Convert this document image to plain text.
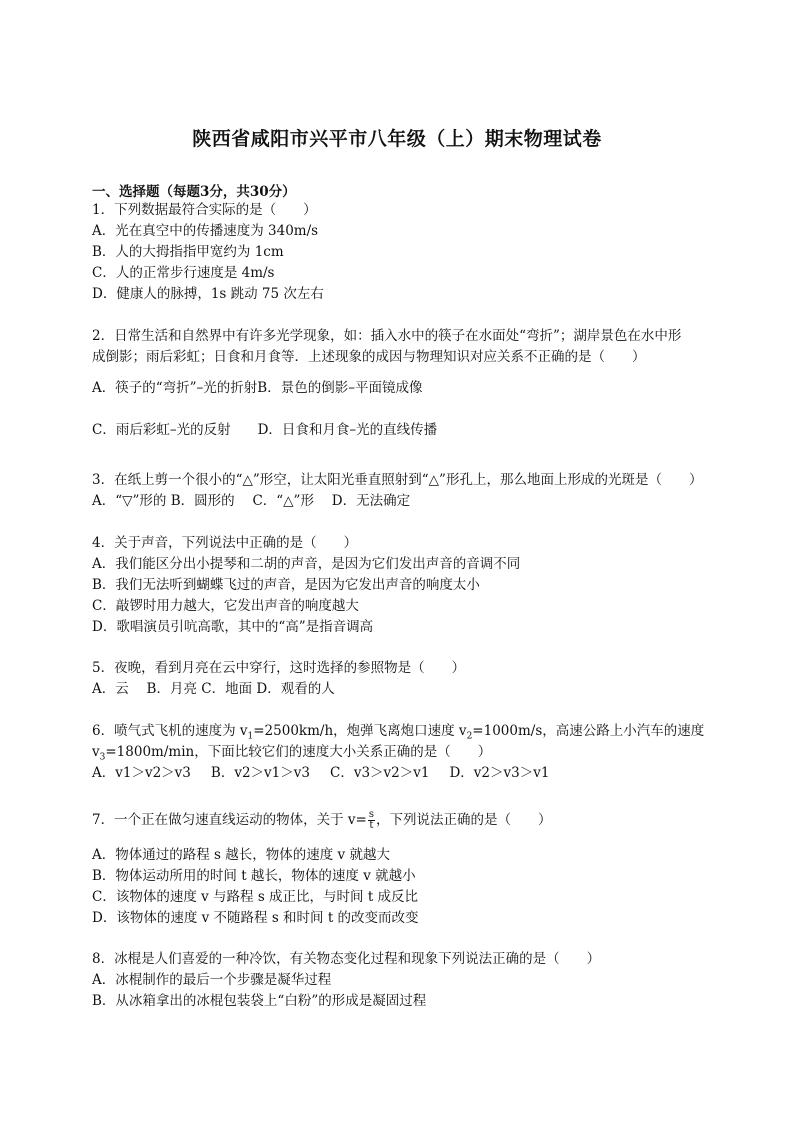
陕西省咸阳市兴平市八年级（上）期末物理试卷
一、选择题（每题3分，共30分）
1．下列数据最符合实际的是（　　）
A．光在真空中的传播速度为 340m/s
B．人的大拇指指甲宽约为 1cm
C．人的正常步行速度是 4m/s
D．健康人的脉搏，1s 跳动 75 次左右
2．日常生活和自然界中有许多光学现象，如：插入水中的筷子在水面处“弯折”；湖岸景色在水中形
成倒影；雨后彩虹；日食和月食等．上述现象的成因与物理知识对应关系不正确的是（　　）
A．筷子的“弯折”–光的折射B．景色的倒影–平面镜成像
C．雨后彩虹–光的反射　　D．日食和月食–光的直线传播
3．在纸上剪一个很小的“△”形空，让太阳光垂直照射到“△”形孔上，那么地面上形成的光斑是（　　）
A．“▽”形的 B．圆形的　 C．“△”形　 D．无法确定
4．关于声音，下列说法中正确的是（　　）
A．我们能区分出小提琴和二胡的声音，是因为它们发出声音的音调不同
B．我们无法听到蝴蝶飞过的声音，是因为它发出声音的响度太小
C．敲锣时用力越大，它发出声音的响度越大
D．歌唱演员引吭高歌，其中的“高”是指音调高
5．夜晚，看到月亮在云中穿行，这时选择的参照物是（　　）
A．云　 B．月亮 C．地面 D．观看的人
6．喷气式飞机的速度为 $v_1=2500km/h$，炮弹飞离炮口速度 $v_2=1000m/s$，高速公路上小汽车的速度
$v_3=1800m/\min$，下面比较它们的速度大小关系正确的是（　　）
A．v1＞v2＞v3 B．v2＞v1＞v3 C．v3＞v2＞v1 D．v2＞v3＞v1
7．一个正在做匀速直线运动的物体，关于 $v= \frac{s}{t}$ ，下列说法正确的是（　　）
A．物体通过的路程 s 越长，物体的速度 v 就越大
B．物体运动所用的时间 t 越长，物体的速度 v 就越小
C．该物体的速度 v 与路程 s 成正比，与时间 t 成反比
D．该物体的速度 v 不随路程 s 和时间 t 的改变而改变
8．冰棍是人们喜爱的一种冷饮，有关物态变化过程和现象下列说法正确的是（　　）
A．冰棍制作的最后一个步骤是凝华过程
B．从冰箱拿出的冰棍包装袋上“白粉”的形成是凝固过程
